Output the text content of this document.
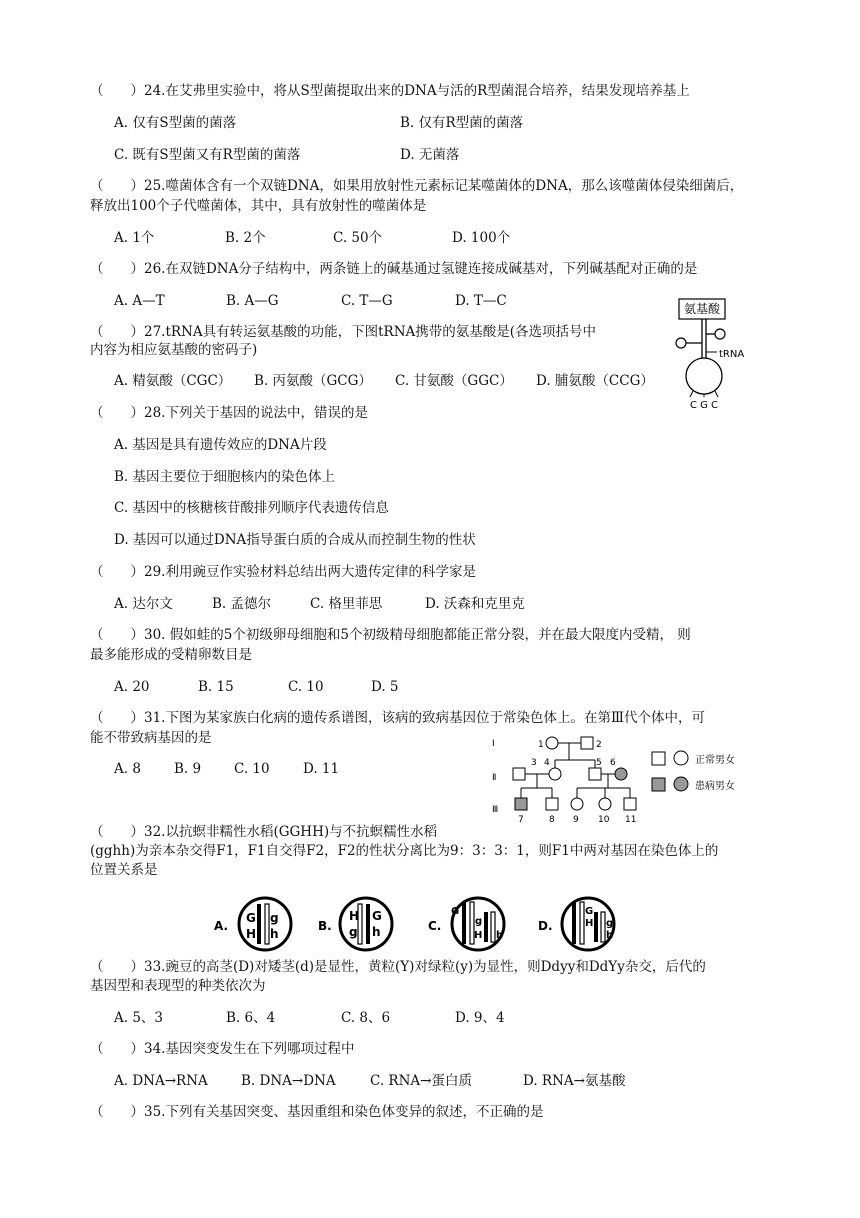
（　　）24.在艾弗里实验中，将从S型菌提取出来的DNA与活的R型菌混合培养，结果发现培养基上
A. 仅有S型菌的菌落	B. 仅有R型菌的菌落
C. 既有S型菌又有R型菌的菌落	D. 无菌落
（　　）25.噬菌体含有一个双链DNA，如果用放射性元素标记某噬菌体的DNA，那么该噬菌体侵染细菌后，
释放出100个子代噬菌体，其中，具有放射性的噬菌体是
A. 1个	B. 2个	C. 50个	D. 100个
（　　）26.在双链DNA分子结构中，两条链上的碱基通过氢键连接成碱基对，下列碱基配对正确的是
A. A—T	B. A—G	C. T—G	D. T—C
（　　）27.tRNA具有转运氨基酸的功能，下图tRNA携带的氨基酸是(各选项括号中
内容为相应氨基酸的密码子)
A. 精氨酸（CGC） B. 丙氨酸（GCG） C. 甘氨酸（GGC） D. 脯氨酸（CCG）
氨基酸
tRNA
C G C
（　　）28.下列关于基因的说法中，错误的是
A. 基因是具有遗传效应的DNA片段
B. 基因主要位于细胞核内的染色体上
C. 基因中的核糖核苷酸排列顺序代表遗传信息
D. 基因可以通过DNA指导蛋白质的合成从而控制生物的性状
（　　）29.利用豌豆作实验材料总结出两大遗传定律的科学家是
A. 达尔文	B. 孟德尔	C. 格里菲思	D. 沃森和克里克
（　　）30. 假如蛙的5个初级卵母细胞和5个初级精母细胞都能正常分裂，并在最大限度内受精， 则
最多能形成的受精卵数目是
A. 20	B. 15	C. 10	D. 5
（　　）31.下图为某家族白化病的遗传系谱图，该病的致病基因位于常染色体上。在第Ⅲ代个体中，可
能不带致病基因的是
A. 8 B. 9 C. 10 D. 11
Ⅰ
Ⅱ
Ⅲ
1	2
3 4	5 6
7	8 9 10 11
正常男女
患病男女
（　　）32.以抗螟非糯性水稻(GGHH)与不抗螟糯性水稻
(gghh)为亲本杂交得F1，F1自交得F2，F2的性状分离比为9：3：3：1，则F1中两对基因在染色体上的
位置关系是
A.
G g
H h
B.
H
g
G
h	C.
G
g
H h
D.
G
H g
h
（　　）33.豌豆的高茎(D)对矮茎(d)是显性，黄粒(Y)对绿粒(y)为显性，则Ddyy和DdYy杂交，后代的
基因型和表现型的种类依次为
A. 5、3	B. 6、4	C. 8、6	D. 9、4
（　　）34.基因突变发生在下列哪项过程中
A. DNA→RNA B. DNA→DNA	C. RNA→蛋白质	D. RNA→氨基酸
（　　）35.下列有关基因突变、基因重组和染色体变异的叙述，不正确的是
